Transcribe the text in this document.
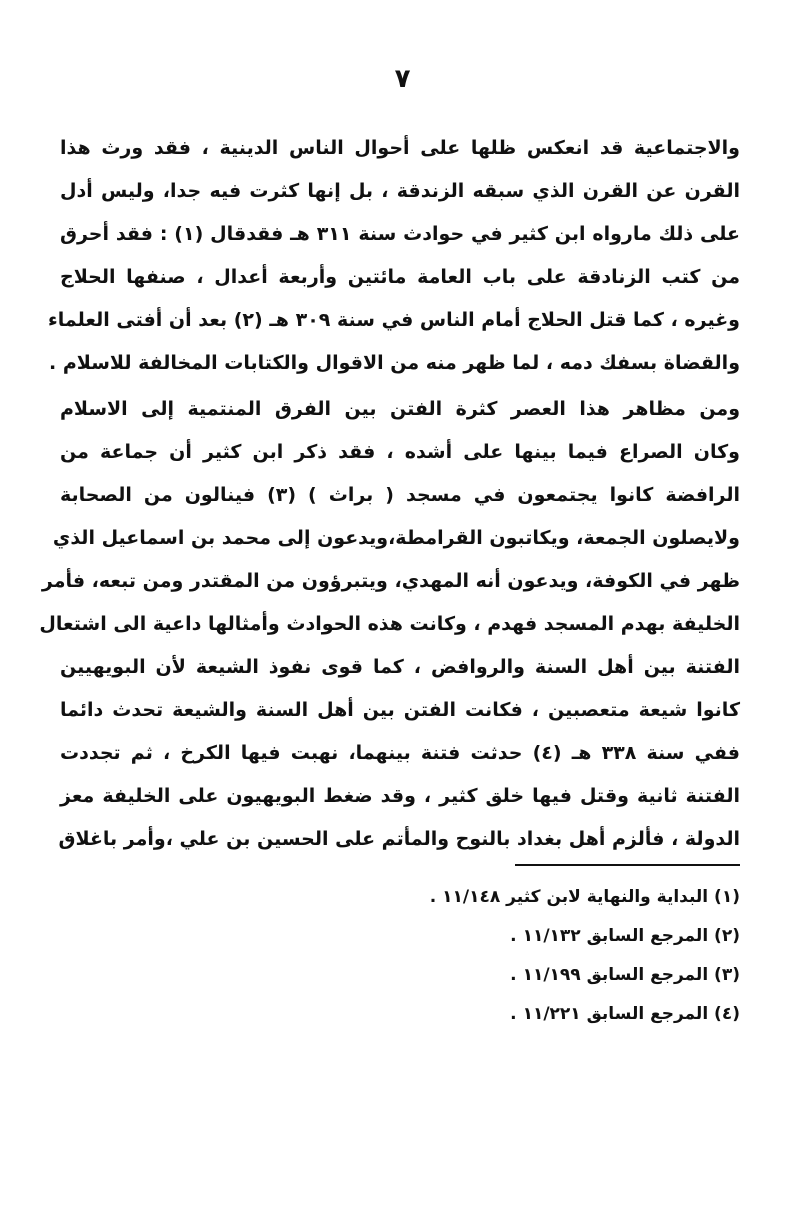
٧
والاجتماعية قد انعكس ظلها على أحوال الناس الدينية ، فقد ورث هذا
القرن عن القرن الذي سبقه الزندقة ، بل إنها كثرت فيه جدا، وليس أدل
على ذلك مارواه ابن كثير في حوادث سنة ٣١١ هـ فقدقال (١) : فقد أحرق
من كتب الزنادقة على باب العامة مائتين وأربعة أعدال ، صنفها الحلاج
وغيره ، كما قتل الحلاج أمام الناس في سنة ٣٠٩ هـ (٢) بعد أن أفتى العلماء
والقضاة بسفك دمه ، لما ظهر منه من الاقوال والكتابات المخالفة للاسلام .
ومن مظاهر هذا العصر كثرة الفتن بين الفرق المنتمية إلى الاسلام
وكان الصراع فيما بينها على أشده ، فقد ذكر ابن كثير أن جماعة من
الرافضة كانوا يجتمعون في مسجد ( براث ) (٣) فينالون من الصحابة
ولايصلون الجمعة، ويكاتبون القرامطة،ويدعون إلى محمد بن اسماعيل الذي
ظهر في الكوفة، ويدعون أنه المهدي، ويتبرؤون من المقتدر ومن تبعه، فأمر
الخليفة بهدم المسجد فهدم ، وكانت هذه الحوادث وأمثالها داعية الى اشتعال
الفتنة بين أهل السنة والروافض ، كما قوى نفوذ الشيعة لأن البويهيين
كانوا شيعة متعصبين ، فكانت الفتن بين أهل السنة والشيعة تحدث دائما
ففي سنة ٣٣٨ هـ (٤) حدثت فتنة بينهما، نهبت فيها الكرخ ، ثم تجددت
الفتنة ثانية وقتل فيها خلق كثير ، وقد ضغط البويهيون على الخليفة معز
الدولة ، فألزم أهل بغداد بالنوح والمأتم على الحسين بن علي ،وأمر باغلاق
(١) البداية والنهاية لابن كثير ١١/١٤٨ .
(٢) المرجع السابق ١١/١٣٢ .
(٣) المرجع السابق ١١/١٩٩ .
(٤) المرجع السابق ١١/٢٢١ .
